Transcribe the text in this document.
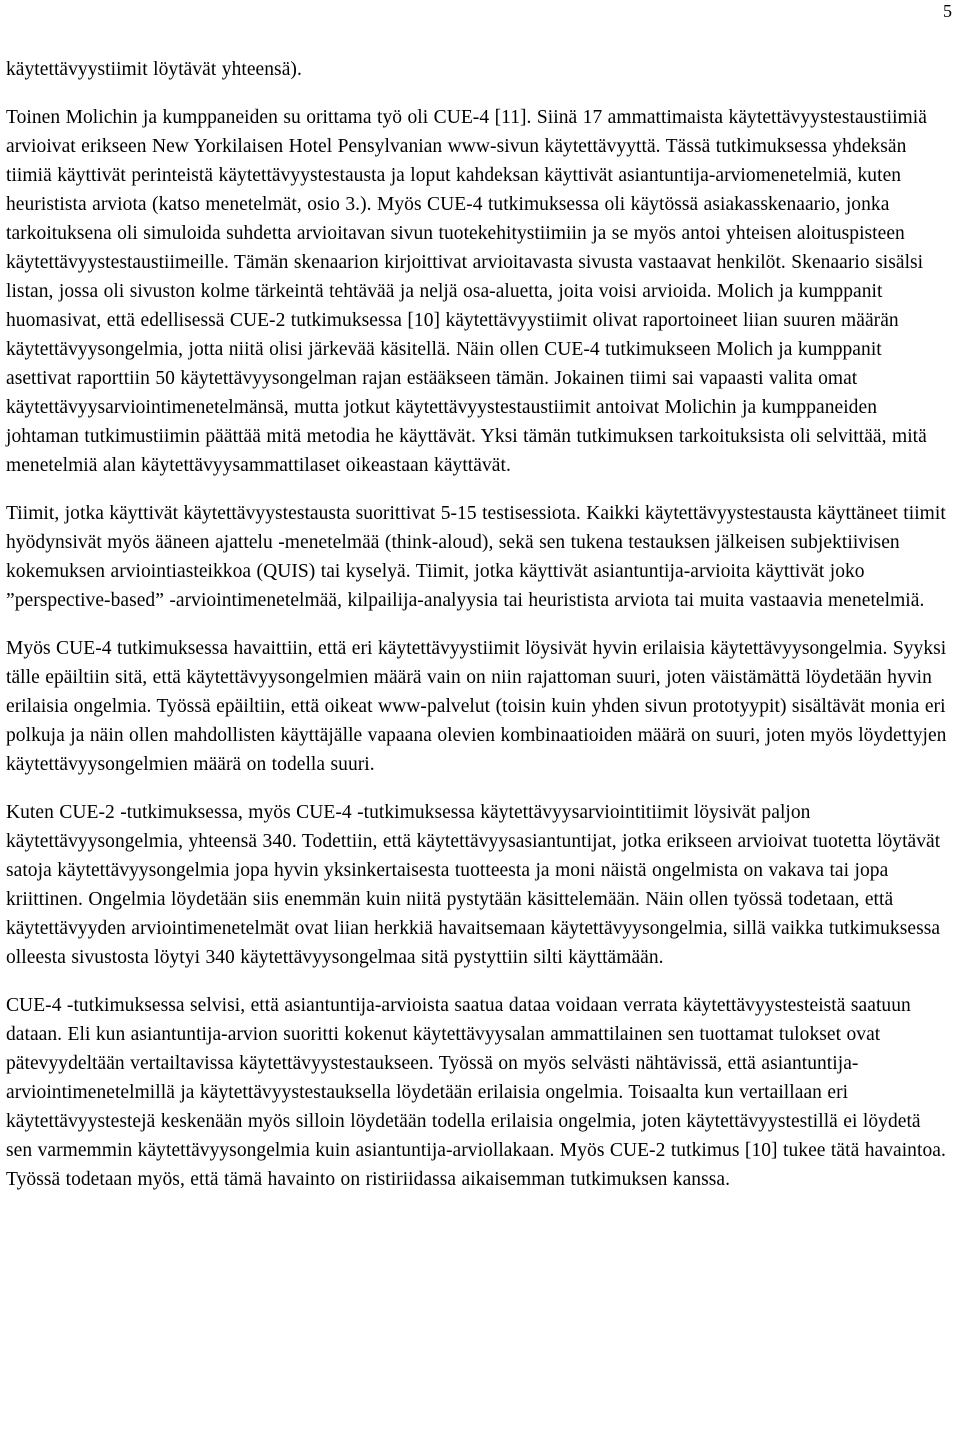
5

käytettävyystiimit löytävät yhteensä).

Toinen Molichin ja kumppaneiden su orittama työ oli CUE-4 [11]. Siinä 17 ammattimaista käytettävyystestaustiimiä arvioivat erikseen New Yorkilaisen Hotel Pensylvanian www-sivun käytettävyyttä. Tässä tutkimuksessa yhdeksän tiimiä käyttivät perinteistä käytettävyystestausta ja loput kahdeksan käyttivät asiantuntija-arviomenetelmiä, kuten heuristista arviota (katso menetelmät, osio 3.). Myös CUE-4 tutkimuksessa oli käytössä asiakasskenaario, jonka tarkoituksena oli simuloida suhdetta arvioitavan sivun tuotekehitystiimiin ja se myös antoi yhteisen aloituspisteen käytettävyystestaustiimeille. Tämän skenaarion kirjoittivat arvioitavasta sivusta vastaavat henkilöt. Skenaario sisälsi listan, jossa oli sivuston kolme tärkeintä tehtävää ja neljä osa-aluetta, joita voisi arvioida. Molich ja kumppanit huomasivat, että edellisessä CUE-2 tutkimuksessa [10] käytettävyystiimit olivat raportoineet liian suuren määrän käytettävyysongelmia, jotta niitä olisi järkevää käsitellä. Näin ollen CUE-4 tutkimukseen Molich ja kumppanit asettivat raporttiin 50 käytettävyysongelman rajan estääkseen tämän. Jokainen tiimi sai vapaasti valita omat käytettävyysarviointimenetelmänsä, mutta jotkut käytettävyystestaustiimit antoivat Molichin ja kumppaneiden johtaman tutkimustiimin päättää mitä metodia he käyttävät. Yksi tämän tutkimuksen tarkoituksista oli selvittää, mitä menetelmiä alan käytettävyysammattilaset oikeastaan käyttävät.

Tiimit, jotka käyttivät käytettävyystestausta suorittivat 5-15 testisessiota. Kaikki käytettävyystestausta käyttäneet tiimit hyödynsivät myös ääneen ajattelu -menetelmää (think-aloud), sekä sen tukena testauksen jälkeisen subjektiivisen kokemuksen arviointiasteikkoa (QUIS) tai kyselyä. Tiimit, jotka käyttivät asiantuntija-arvioita käyttivät joko ”perspective-based” -arviointimenetelmää, kilpailija-analyysia tai heuristista arviota tai muita vastaavia menetelmiä.

Myös CUE-4 tutkimuksessa havaittiin, että eri käytettävyystiimit löysivät hyvin erilaisia käytettävyysongelmia. Syyksi tälle epäiltiin sitä, että käytettävyysongelmien määrä vain on niin rajattoman suuri, joten väistämättä löydetään hyvin erilaisia ongelmia. Työssä epäiltiin, että oikeat www-palvelut (toisin kuin yhden sivun prototyypit) sisältävät monia eri polkuja ja näin ollen mahdollisten käyttäjälle vapaana olevien kombinaatioiden määrä on suuri, joten myös löydettyjen käytettävyysongelmien määrä on todella suuri.

Kuten CUE-2 -tutkimuksessa, myös CUE-4 -tutkimuksessa käytettävyysarviointitiimit löysivät paljon käytettävyysongelmia, yhteensä 340. Todettiin, että käytettävyysasiantuntijat, jotka erikseen arvioivat tuotetta löytävät satoja käytettävyysongelmia jopa hyvin yksinkertaisesta tuotteesta ja moni näistä ongelmista on vakava tai jopa kriittinen. Ongelmia löydetään siis enemmän kuin niitä pystytään käsittelemään. Näin ollen työssä todetaan, että käytettävyyden arviointimenetelmät ovat liian herkkiä havaitsemaan käytettävyysongelmia, sillä vaikka tutkimuksessa olleesta sivustosta löytyi 340 käytettävyysongelmaa sitä pystyttiin silti käyttämään.

CUE-4 -tutkimuksessa selvisi, että asiantuntija-arvioista saatua dataa voidaan verrata käytettävyystesteistä saatuun dataan. Eli kun asiantuntija-arvion suoritti kokenut käytettävyysalan ammattilainen sen tuottamat tulokset ovat pätevyydeltään vertailtavissa käytettävyystestaukseen. Työssä on myös selvästi nähtävissä, että asiantuntija-arviointimenetelmillä ja käytettävyystestauksella löydetään erilaisia ongelmia. Toisaalta kun vertaillaan eri käytettävyystestejä keskenään myös silloin löydetään todella erilaisia ongelmia, joten käytettävyystestillä ei löydetä sen varmemmin käytettävyysongelmia kuin asiantuntija-arviollakaan. Myös CUE-2 tutkimus [10] tukee tätä havaintoa. Työssä todetaan myös, että tämä havainto on ristiriidassa aikaisemman tutkimuksen kanssa.
